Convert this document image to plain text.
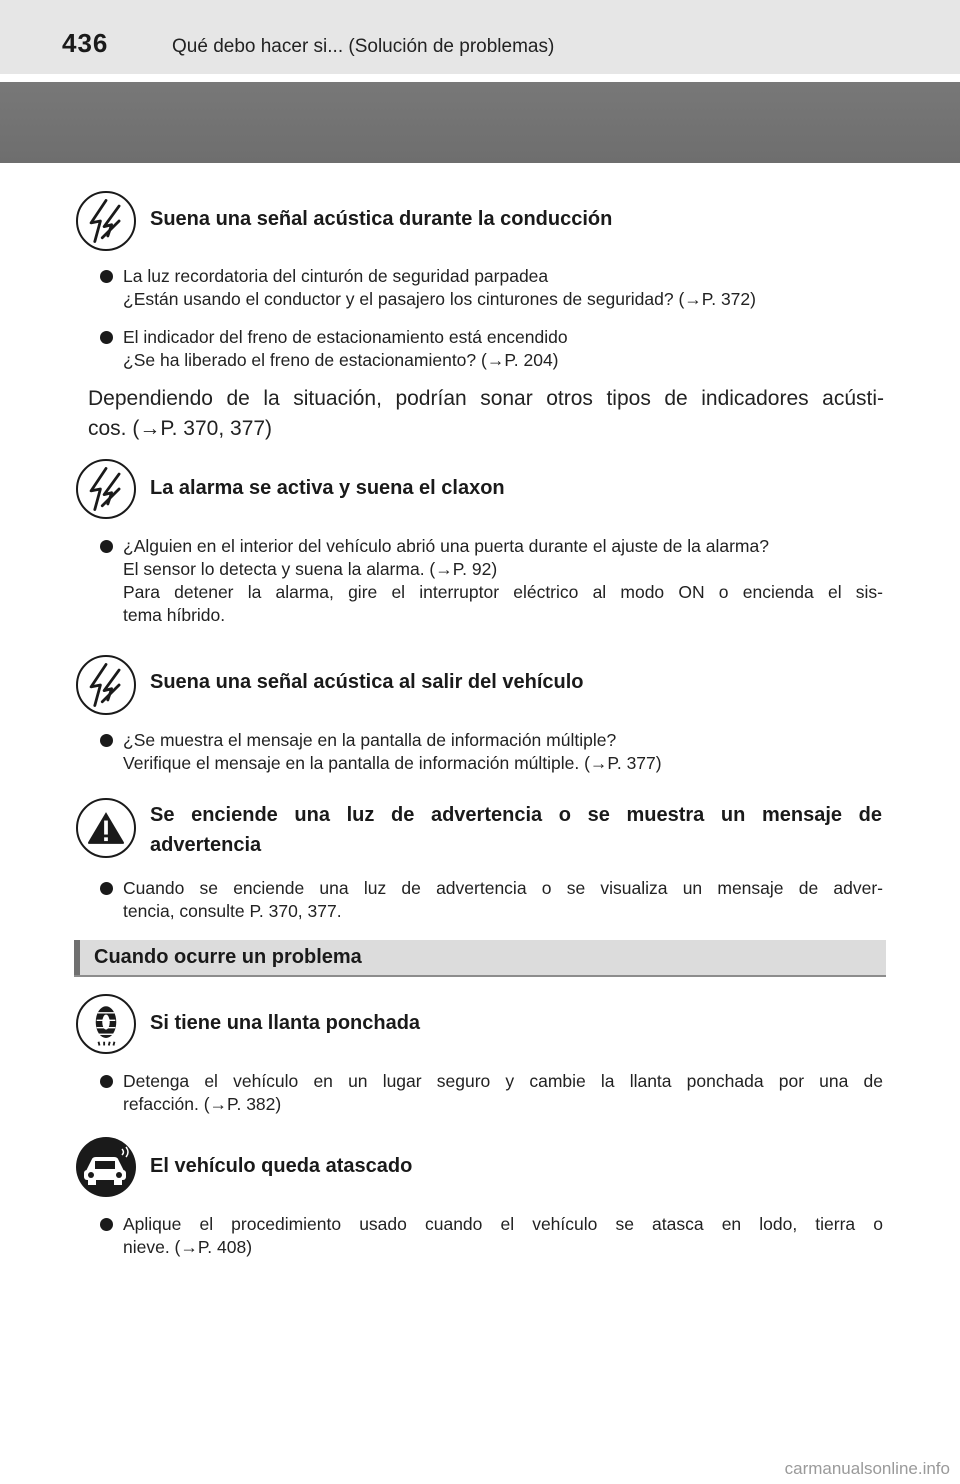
436	Qué debo hacer si... (Solución de problemas)
Suena una señal acústica durante la conducción
La luz recordatoria del cinturón de seguridad parpadea
¿Están usando el conductor y el pasajero los cinturones de seguridad? (→P. 372)
El indicador del freno de estacionamiento está encendido
¿Se ha liberado el freno de estacionamiento? (→P. 204)
Dependiendo de la situación, podrían sonar otros tipos de indicadores acústi-
cos. (→P. 370, 377)
La alarma se activa y suena el claxon
¿Alguien en el interior del vehículo abrió una puerta durante el ajuste de la alarma?
El sensor lo detecta y suena la alarma. (→P. 92)
Para detener la alarma, gire el interruptor eléctrico al modo ON o encienda el sis-
tema híbrido.
Suena una señal acústica al salir del vehículo
¿Se muestra el mensaje en la pantalla de información múltiple?
Verifique el mensaje en la pantalla de información múltiple. (→P. 377)
Se enciende una luz de advertencia o se muestra un mensaje de
advertencia
Cuando se enciende una luz de advertencia o se visualiza un mensaje de adver-
tencia, consulte P. 370, 377.
Cuando ocurre un problema
Si tiene una llanta ponchada
Detenga el vehículo en un lugar seguro y cambie la llanta ponchada por una de
refacción. (→P. 382)
El vehículo queda atascado
Aplique el procedimiento usado cuando el vehículo se atasca en lodo, tierra o
nieve. (→P. 408)
carmanualsonline.info
